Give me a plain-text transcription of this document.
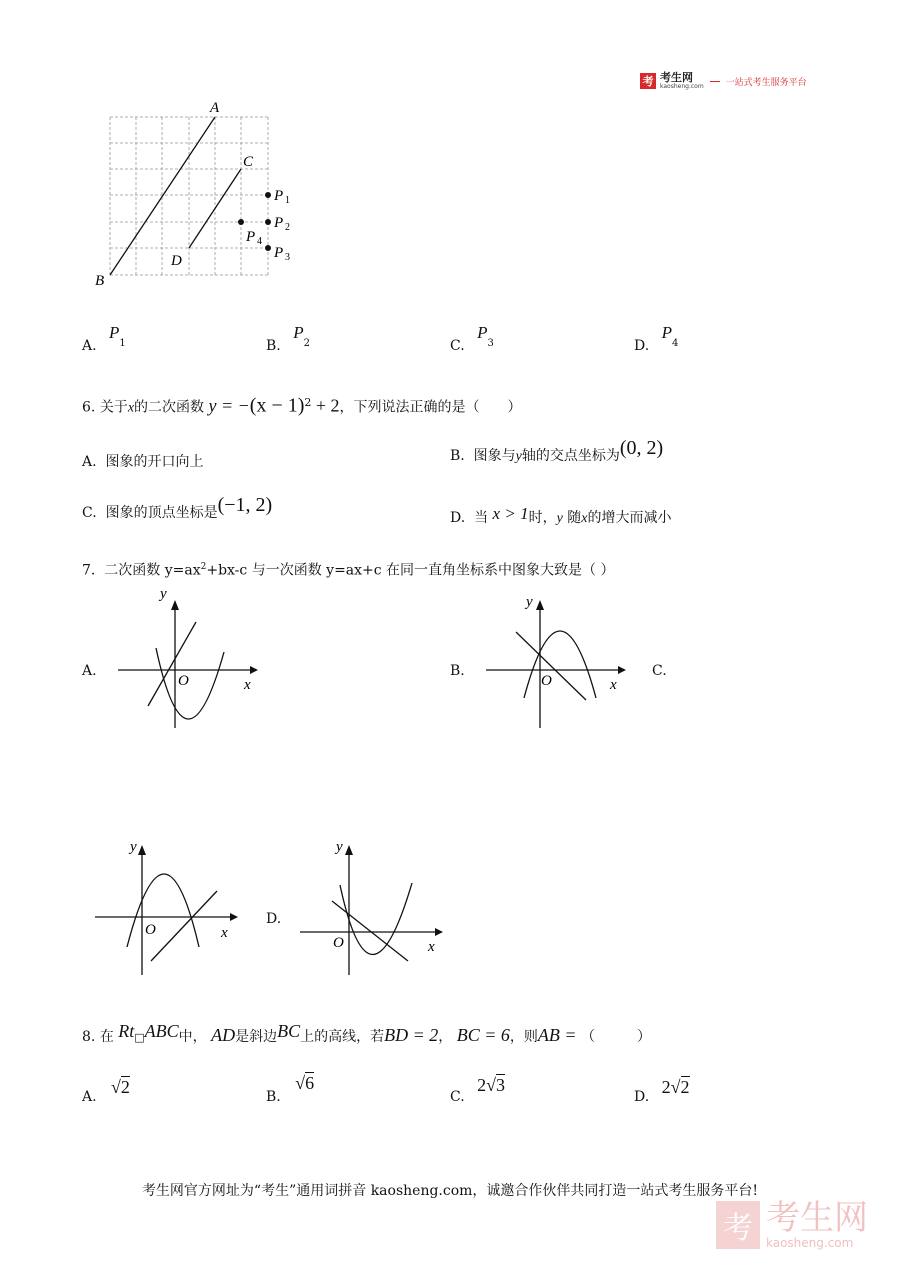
考 考生网
kaosheng.com 一站式考生服务平台
A
B
C
D
P 1
P 2
P 3
P 4
A. $P^1$	B. $P^2$	C. $P^3$	D. $P^4$
6. 关于x的二次函数 $y = -(x - 1)^2 + 2$，下列说法正确的是（　　）
A. 图象的开口向上	B. 图象与y轴的交点坐标为(0, 2)
C. 图象的顶点坐标是(−1, 2)
D. 当 x > 1时，y 随x的增大而减小
7. 二次函数 $y=ax^2+bx-c$ 与一次函数 y=ax+c 在同一直角坐标系中图象大致是（ ）
A.
y
x
O
B.
y
x
O
C.
y
x
O
D.
y
x
O
8. 在 Rt□ABC中， AD是斜边BC上的高线，若BD = 2， BC = 6，则AB = （　　　）
A. √2	B. √6
C. 2√3
D. 2√2
考生网官方网址为“考生”通用词拼音 kaosheng.com，诚邀合作伙伴共同打造一站式考生服务平台!
考 考生网
kaosheng.com
